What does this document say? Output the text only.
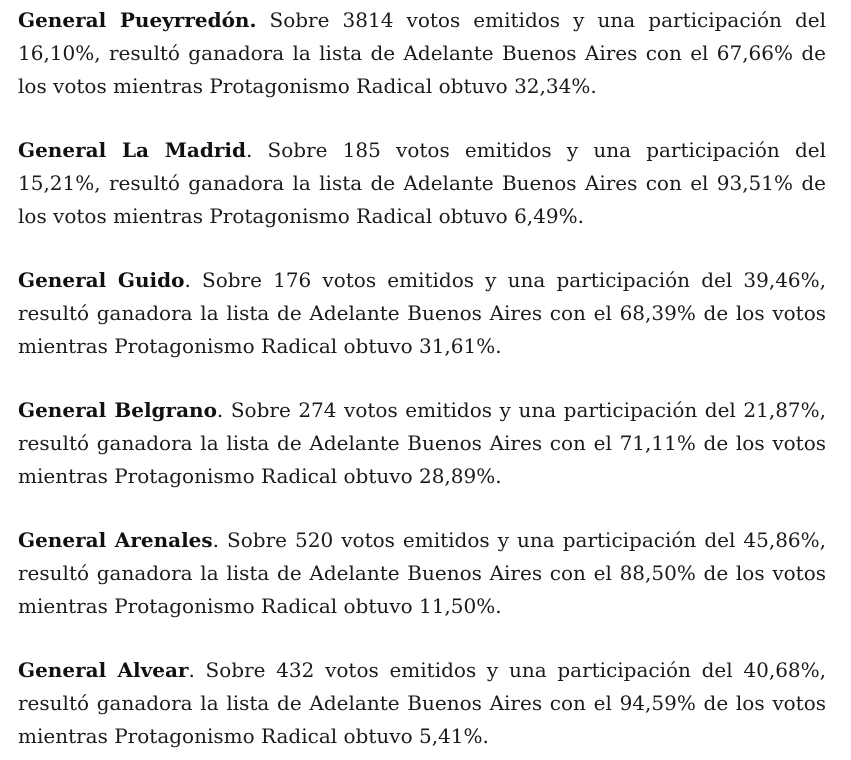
General Pueyrredón. Sobre 3814 votos emitidos y una participación del 16,10%, resultó ganadora la lista de Adelante Buenos Aires con el 67,66% de los votos mientras Protagonismo Radical obtuvo 32,34%.

General La Madrid. Sobre 185 votos emitidos y una participación del 15,21%, resultó ganadora la lista de Adelante Buenos Aires con el 93,51% de los votos mientras Protagonismo Radical obtuvo 6,49%.

General Guido. Sobre 176 votos emitidos y una participación del 39,46%, resultó ganadora la lista de Adelante Buenos Aires con el 68,39% de los votos mientras Protagonismo Radical obtuvo 31,61%.

General Belgrano. Sobre 274 votos emitidos y una participación del 21,87%, resultó ganadora la lista de Adelante Buenos Aires con el 71,11% de los votos mientras Protagonismo Radical obtuvo 28,89%.

General Arenales. Sobre 520 votos emitidos y una participación del 45,86%, resultó ganadora la lista de Adelante Buenos Aires con el 88,50% de los votos mientras Protagonismo Radical obtuvo 11,50%.

General Alvear. Sobre 432 votos emitidos y una participación del 40,68%, resultó ganadora la lista de Adelante Buenos Aires con el 94,59% de los votos mientras Protagonismo Radical obtuvo 5,41%.
